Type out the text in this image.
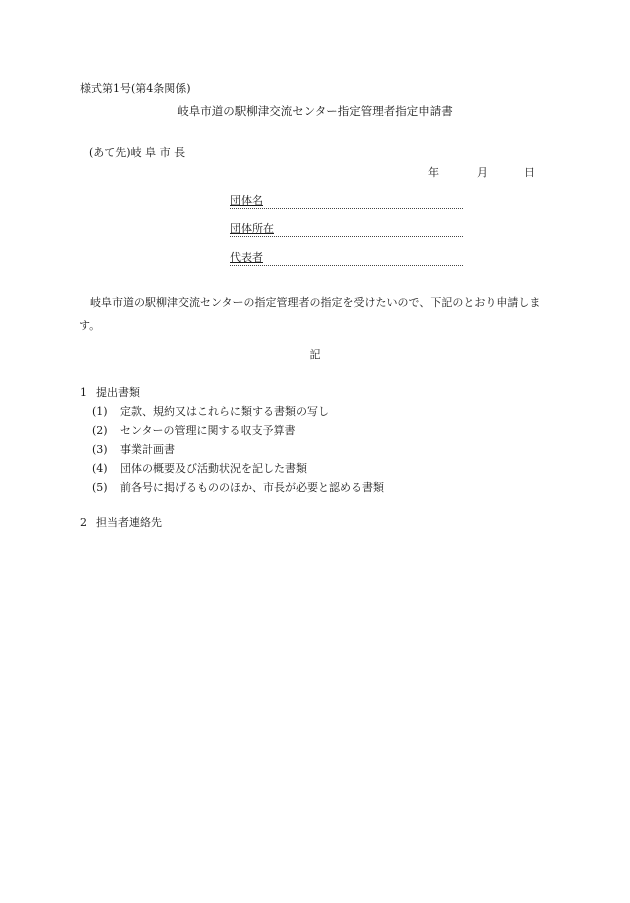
様式第1号(第4条関係)
岐阜市道の駅柳津交流センター指定管理者指定申請書
(あて先)岐 阜 市 長
年	月	日
団体名
団体所在
代表者
岐阜市道の駅柳津交流センターの指定管理者の指定を受けたいので、下記のとおり申請します。
記
1 提出書類
(1) 定款、規約又はこれらに類する書類の写し
(2) センターの管理に関する収支予算書
(3) 事業計画書
(4) 団体の概要及び活動状況を記した書類
(5) 前各号に掲げるもののほか、市長が必要と認める書類
2 担当者連絡先
